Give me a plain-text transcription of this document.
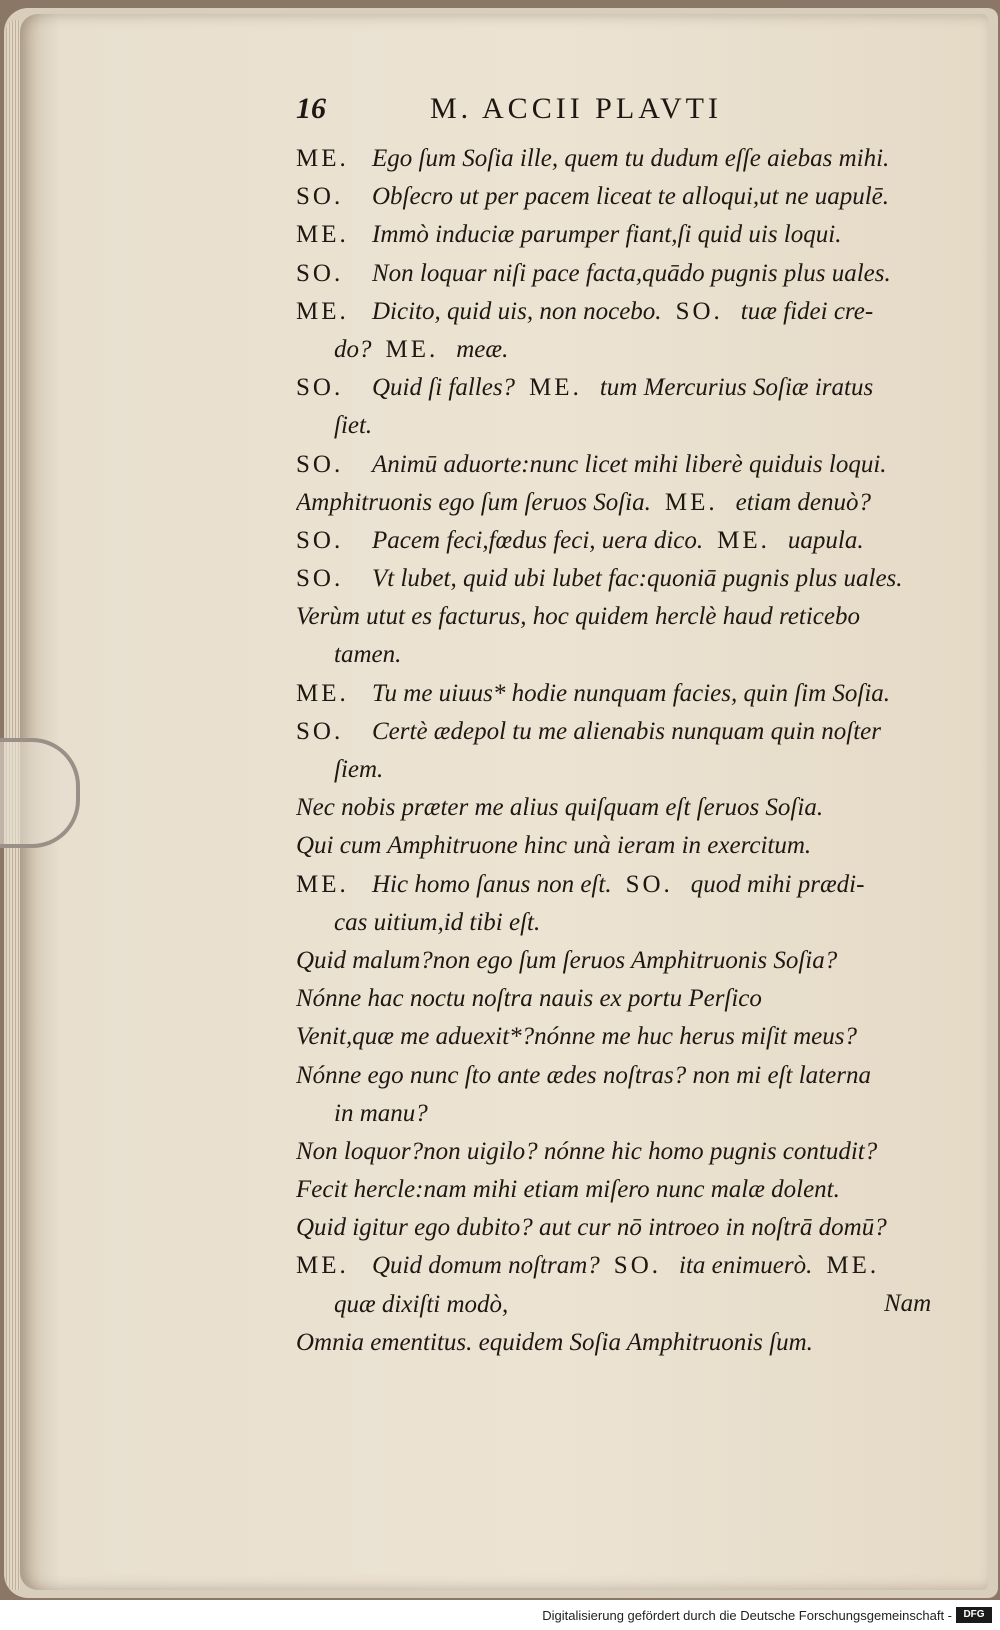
16	M. ACCII PLAVTI
ME. Ego ſum Soſia ille, quem tu dudum eſſe aiebas mihi.
SO. Obſecro ut per pacem liceat te alloqui,ut ne uapulē.
ME. Immò induciæ parumper fiant,ſi quid uis loqui.
SO. Non loquar niſi pace facta,quādo pugnis plus uales.
ME. Dicito, quid uis, non nocebo. SO. tuæ fidei cre-
do? ME. meæ.
SO. Quid ſi falles? ME. tum Mercurius Soſiæ iratus
ſiet.
SO. Animū aduorte:nunc licet mihi liberè quiduis loqui.
Amphitruonis ego ſum ſeruos Soſia. ME. etiam denuò?
SO. Pacem feci,fœdus feci, uera dico. ME. uapula.
SO. Vt lubet, quid ubi lubet fac:quoniā pugnis plus uales.
Verùm utut es facturus, hoc quidem herclè haud reticebo
tamen.
ME. Tu me uiuus* hodie nunquam facies, quin ſim Soſia.
SO. Certè ædepol tu me alienabis nunquam quin noſter
ſiem.
Nec nobis præter me alius quiſquam eſt ſeruos Soſia.
Qui cum Amphitruone hinc unà ieram in exercitum.
ME. Hic homo ſanus non eſt. SO. quod mihi prædi-
cas uitium,id tibi eſt.
Quid malum?non ego ſum ſeruos Amphitruonis Soſia?
Nónne hac noctu noſtra nauis ex portu Perſico
Venit,quæ me aduexit*?nónne me huc herus miſit meus?
Nónne ego nunc ſto ante ædes noſtras? non mi eſt laterna
in manu?
Non loquor?non uigilo? nónne hic homo pugnis contudit?
Fecit hercle:nam mihi etiam miſero nunc malæ dolent.
Quid igitur ego dubito? aut cur nō introeo in noſtrā domū?
ME. Quid domum noſtram? SO. ita enimuerò. ME.
quæ dixiſti modò,
Omnia ementitus. equidem Soſia Amphitruonis ſum.
Nam
Digitalisierung gefördert durch die Deutsche Forschungsgemeinschaft -	DFG
